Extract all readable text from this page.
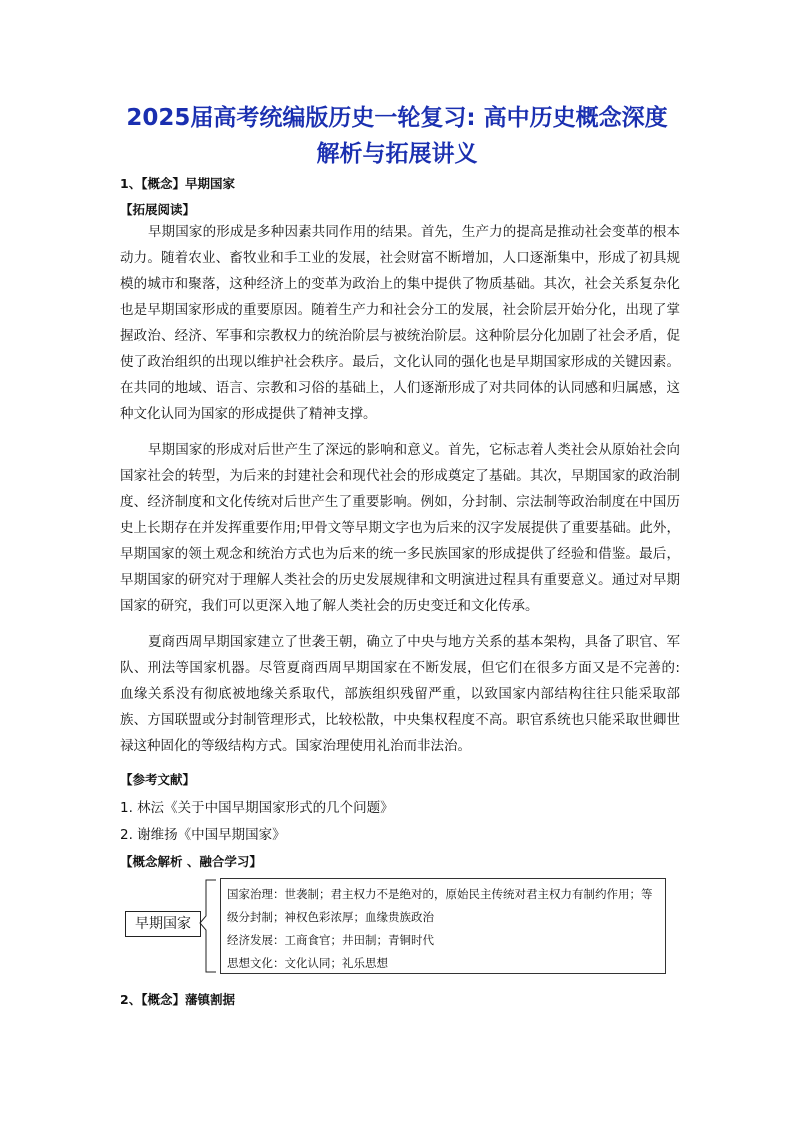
2025届高考统编版历史一轮复习: 高中历史概念深度
解析与拓展讲义
1、【概念】早期国家
【拓展阅读】
早期国家的形成是多种因素共同作用的结果。首先，生产力的提高是推动社会变革的根本动力。随着农业、畜牧业和手工业的发展，社会财富不断增加，人口逐渐集中，形成了初具规模的城市和聚落，这种经济上的变革为政治上的集中提供了物质基础。其次，社会关系复杂化也是早期国家形成的重要原因。随着生产力和社会分工的发展，社会阶层开始分化，出现了掌握政治、经济、军事和宗教权力的统治阶层与被统治阶层。这种阶层分化加剧了社会矛盾，促使了政治组织的出现以维护社会秩序。最后，文化认同的强化也是早期国家形成的关键因素。在共同的地域、语言、宗教和习俗的基础上，人们逐渐形成了对共同体的认同感和归属感，这种文化认同为国家的形成提供了精神支撑。
早期国家的形成对后世产生了深远的影响和意义。首先，它标志着人类社会从原始社会向国家社会的转型，为后来的封建社会和现代社会的形成奠定了基础。其次，早期国家的政治制度、经济制度和文化传统对后世产生了重要影响。例如，分封制、宗法制等政治制度在中国历史上长期存在并发挥重要作用;甲骨文等早期文字也为后来的汉字发展提供了重要基础。此外，早期国家的领土观念和统治方式也为后来的统一多民族国家的形成提供了经验和借鉴。最后，早期国家的研究对于理解人类社会的历史发展规律和文明演进过程具有重要意义。通过对早期国家的研究，我们可以更深入地了解人类社会的历史变迁和文化传承。
夏商西周早期国家建立了世袭王朝，确立了中央与地方关系的基本架构，具备了职官、军队、刑法等国家机器。尽管夏商西周早期国家在不断发展，但它们在很多方面又是不完善的: 血缘关系没有彻底被地缘关系取代，部族组织残留严重，以致国家内部结构往往只能采取部族、方国联盟或分封制管理形式，比较松散，中央集权程度不高。职官系统也只能采取世卿世禄这种固化的等级结构方式。国家治理使用礼治而非法治。
【参考文献】
1. 林沄《关于中国早期国家形式的几个问题》
2. 谢维扬《中国早期国家》
【概念解析 、融合学习】
早期国家
国家治理：世袭制；君主权力不是绝对的，原始民主传统对君主权力有制约作用；等级分封制；神权色彩浓厚；血缘贵族政治
经济发展：工商食官；井田制；青铜时代
思想文化：文化认同；礼乐思想
2、【概念】藩镇割据
